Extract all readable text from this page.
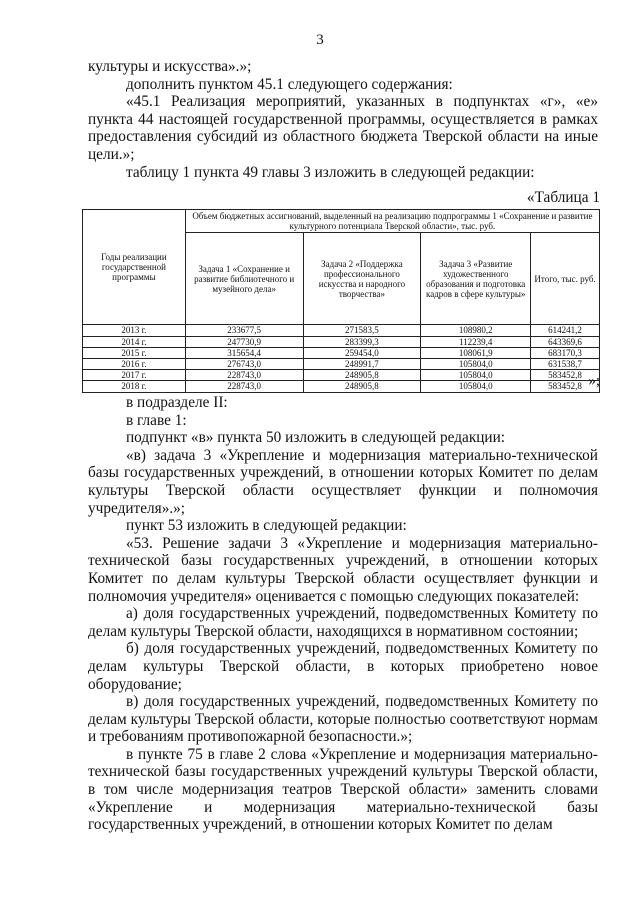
3

культуры и искусства».»;

дополнить пунктом 45.1 следующего содержания:

«45.1 Реализация мероприятий, указанных в подпунктах «г», «е» пункта 44 настоящей государственной программы, осуществляется в рамках предоставления субсидий из областного бюджета Тверской области на иные цели.»;

таблицу 1 пункта 49 главы 3 изложить в следующей редакции:

«Таблица 1
Годы реализации государственной программы	Объем бюджетных ассигнований, выделенный на реализацию подпрограммы 1 «Сохранение и развитие культурного потенциала Тверской области», тыс. руб.			
	Задача 1 «Сохранение и развитие библиотечного и музейного дела»	Задача 2 «Поддержка профессионального искусства и народного творчества»	Задача 3 «Развитие художественного образования и подготовка кадров в сфере культуры»	Итого, тыс. руб.
2013 г.	233677,5	271583,5	108980,2	614241,2
2014 г.	247730,9	283399,3	112239,4	643369,6
2015 г.	315654,4	259454,0	108061,9	683170,3
2016 г.	276743,0	248991,7	105804,0	631538,7
2017 г.	228743,0	248905,8	105804,0	583452,8
2018 г.	228743,0	248905,8	105804,0	583452,8 »;

в подразделе II:

в главе 1:

подпункт «в» пункта 50 изложить в следующей редакции:

«в) задача 3 «Укрепление и модернизация материально-технической базы государственных учреждений, в отношении которых Комитет по делам культуры Тверской области осуществляет функции и полномочия учредителя».»;

пункт 53 изложить в следующей редакции:

«53. Решение задачи 3 «Укрепление и модернизация материально-технической базы государственных учреждений, в отношении которых Комитет по делам культуры Тверской области осуществляет функции и полномочия учредителя» оценивается с помощью следующих показателей:

а) доля государственных учреждений, подведомственных Комитету по делам культуры Тверской области, находящихся в нормативном состоянии;

б) доля государственных учреждений, подведомственных Комитету по делам культуры Тверской области, в которых приобретено новое оборудование;

в) доля государственных учреждений, подведомственных Комитету по делам культуры Тверской области, которые полностью соответствуют нормам и требованиям противопожарной безопасности.»;

в пункте 75 в главе 2 слова «Укрепление и модернизация материально-технической базы государственных учреждений культуры Тверской области, в том числе модернизация театров Тверской области» заменить словами «Укрепление и модернизация материально-технической базы государственных учреждений, в отношении которых Комитет по делам
